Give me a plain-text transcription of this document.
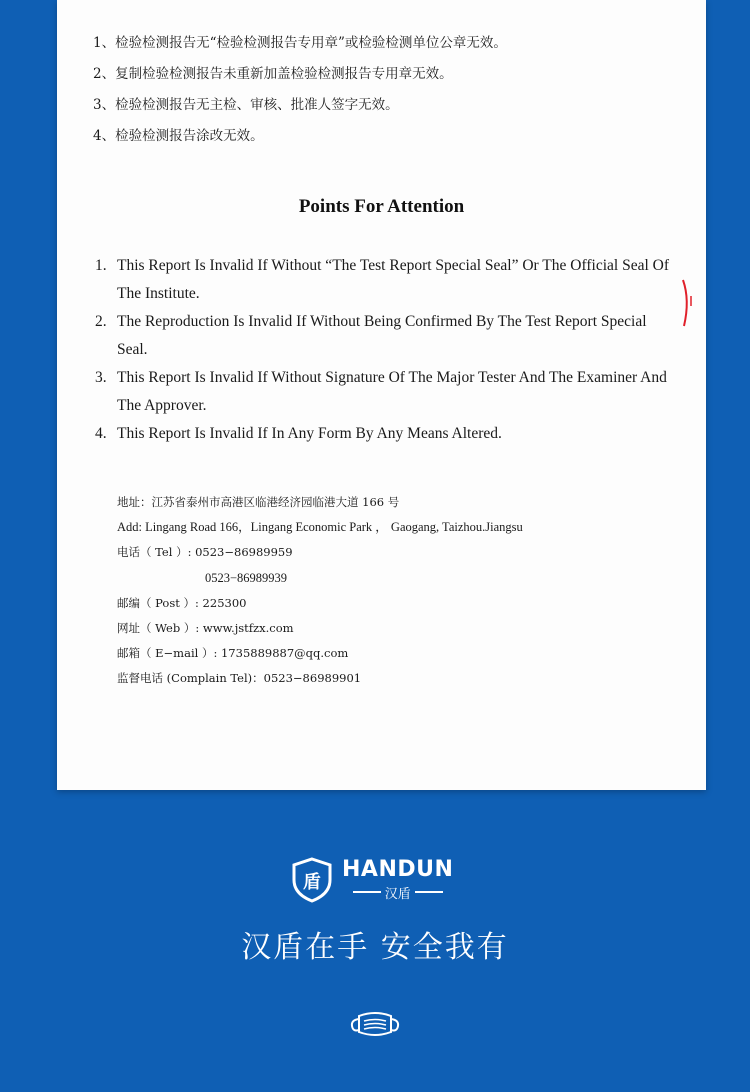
1、检验检测报告无“检验检测报告专用章”或检验检测单位公章无效。
2、复制检验检测报告未重新加盖检验检测报告专用章无效。
3、检验检测报告无主检、审核、批准人签字无效。
4、检验检测报告涂改无效。
Points For Attention
1. This Report Is Invalid If Without “The Test Report Special Seal” Or The Official Seal Of The Institute.
2. The Reproduction Is Invalid If Without Being Confirmed By The Test Report Special Seal.
3. This Report Is Invalid If Without Signature Of The Major Tester And The Examiner And The Approver.
4. This Report Is Invalid If In Any Form By Any Means Altered.
地址：江苏省泰州市高港区临港经济园临港大道 166 号
Add: Lingang Road 166，Lingang Economic Park ， Gaogang, Taizhou.Jiangsu
电话（ Tel ）: 0523−86989959
0523−86989939
邮编（ Post ）: 225300
网址（ Web ）: www.jstfzx.com
邮箱（ E−mail ）: 1735889887@qq.com
监督电话 (Complain Tel)：0523−86989901
盾
HANDUN
汉盾
汉盾在手 安全我有
